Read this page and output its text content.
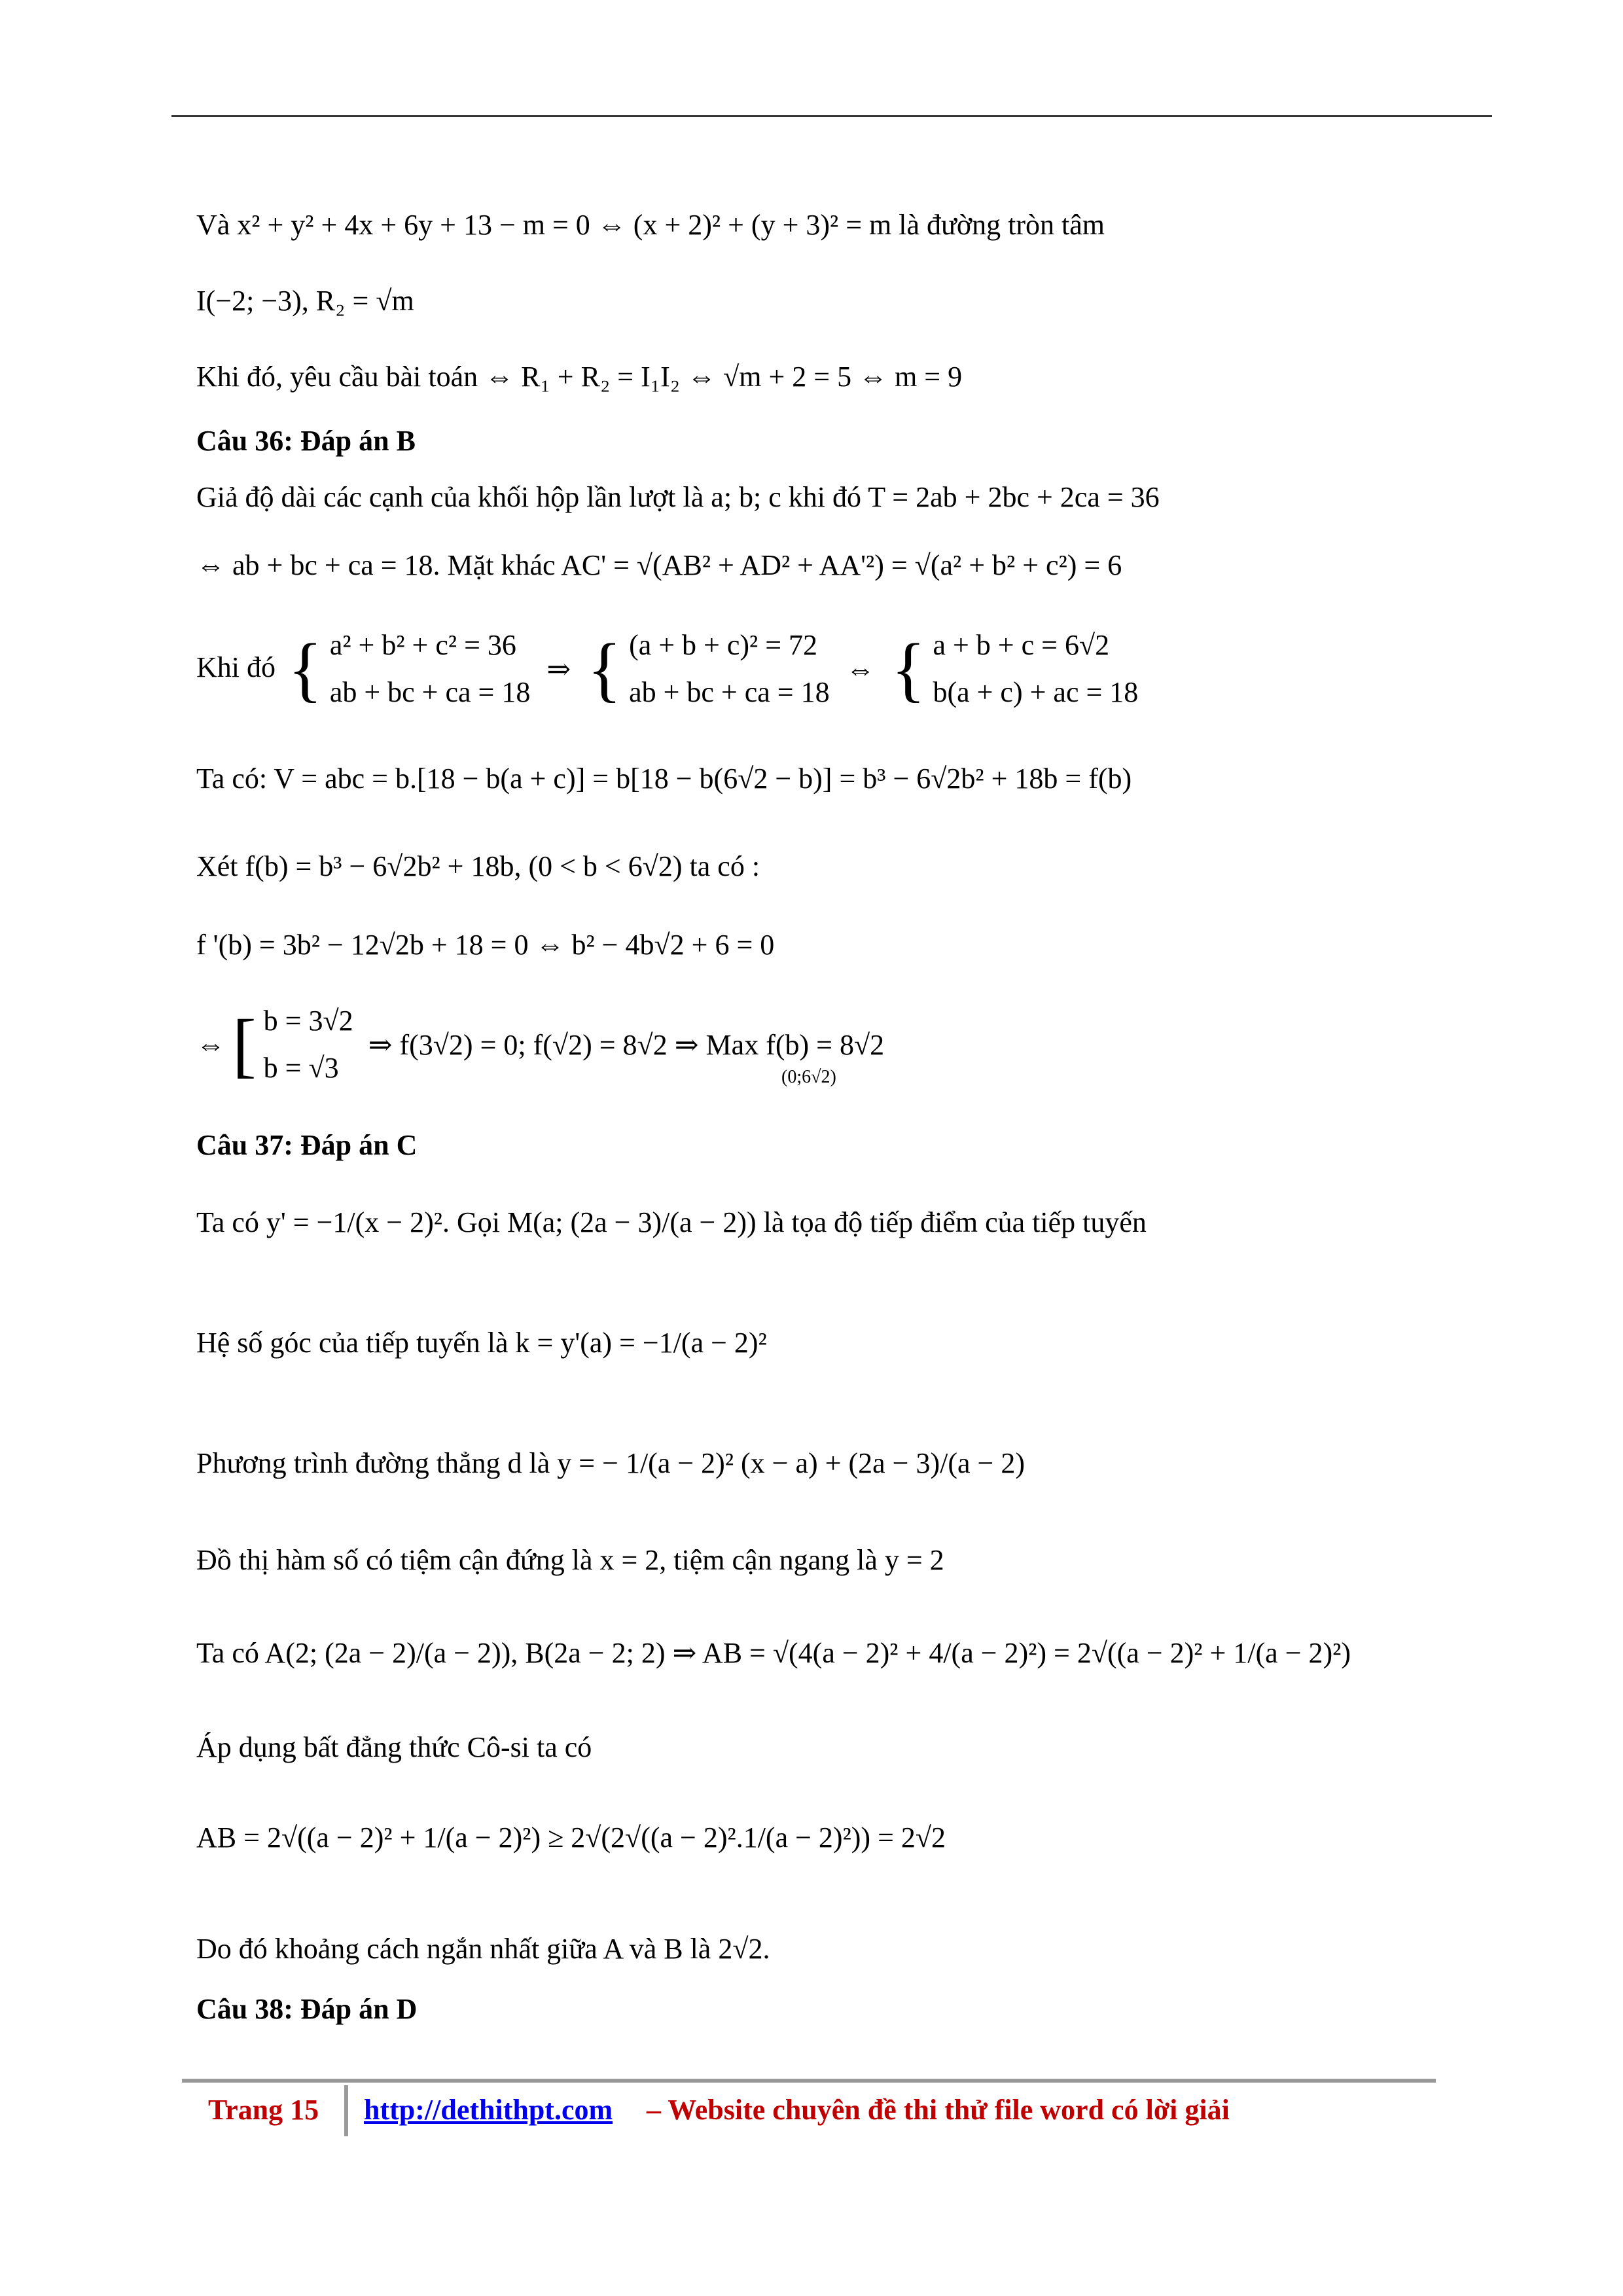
Và x² + y² + 4x + 6y + 13 − m = 0 ⇔ (x + 2)² + (y + 3)² = m là đường tròn tâm
I(−2; −3), R₂ = √m
Khi đó, yêu cầu bài toán ⇔ R₁ + R₂ = I₁I₂ ⇔ √m + 2 = 5 ⇔ m = 9
Câu 36: Đáp án B
Giả độ dài các cạnh của khối hộp lần lượt là a; b; c khi đó T = 2ab + 2bc + 2ca = 36
⇔ ab + bc + ca = 18. Mặt khác AC' = √(AB² + AD² + AA'²) = √(a² + b² + c²) = 6
Khi đó { a² + b² + c² = 36
ab + bc + ca = 18
⇒ { (a + b + c)² = 72
ab + bc + ca = 18
⇔ { a + b + c = 6√2
b(a + c) + ac = 18
Ta có: V = abc = b.[18 − b(a + c)] = b[18 − b(6√2 − b)] = b³ − 6√2b² + 18b = f(b)
Xét f(b) = b³ − 6√2b² + 18b, (0 < b < 6√2) ta có :
f '(b) = 3b² − 12√2b + 18 = 0 ⇔ b² − 4b√2 + 6 = 0
⇔ [ b = 3√2
b = √3
⇒ f(3√2) = 0; f(√2) = 8√2 ⇒ Max f(b) = 8√2
(0;6√2)
Câu 37: Đáp án C
Ta có y' = −1/(x − 2)². Gọi M(a; (2a − 3)/(a − 2)) là tọa độ tiếp điểm của tiếp tuyến
Hệ số góc của tiếp tuyến là k = y'(a) = −1/(a − 2)²
Phương trình đường thẳng d là y = − 1/(a − 2)² (x − a) + (2a − 3)/(a − 2)
Đồ thị hàm số có tiệm cận đứng là x = 2, tiệm cận ngang là y = 2
Ta có A(2; (2a − 2)/(a − 2)), B(2a − 2; 2) ⇒ AB = √(4(a − 2)² + 4/(a − 2)²) = 2√((a − 2)² + 1/(a − 2)²)
Áp dụng bất đẳng thức Cô-si ta có
AB = 2√((a − 2)² + 1/(a − 2)²) ≥ 2√(2√((a − 2)².1/(a − 2)²)) = 2√2
Do đó khoảng cách ngắn nhất giữa A và B là 2√2.
Câu 38: Đáp án D
Trang 15 http://dethithpt.com – Website chuyên đề thi thử file word có lời giải
